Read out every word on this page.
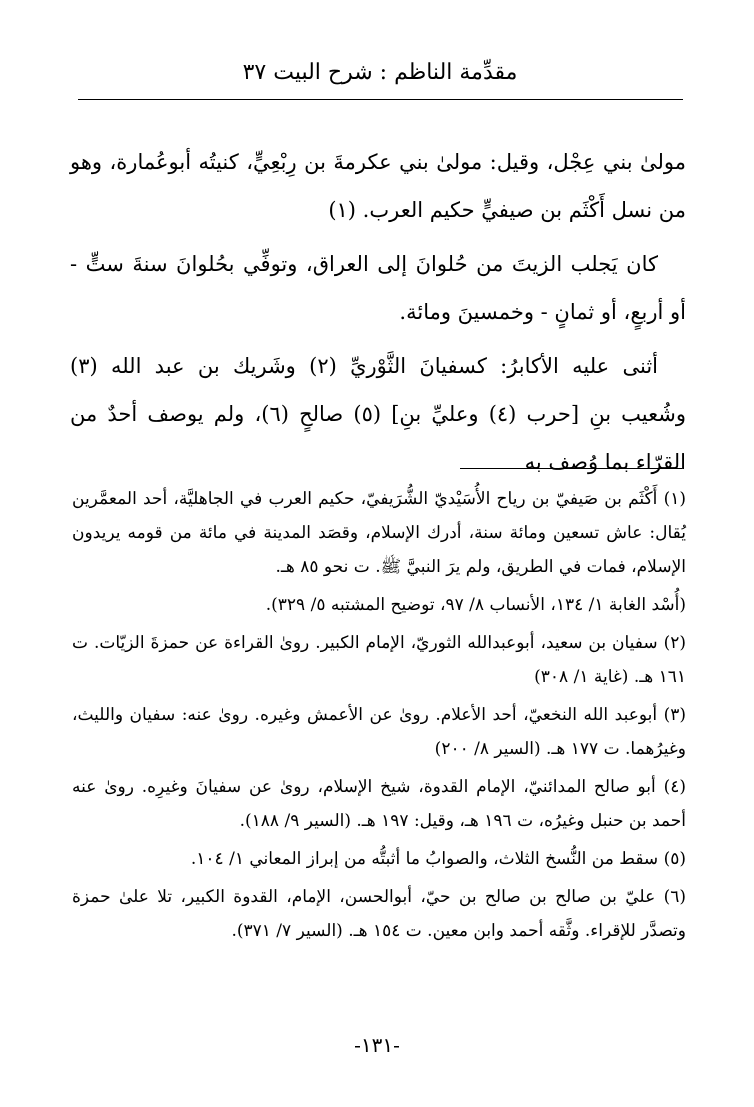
مقدِّمة الناظم : شرح البيت ٣٧

مولىٰ بني عِجْل، وقيل: مولىٰ بني عكرمةَ بن رِبْعِيٍّ، كنيتُه أبوعُمارة، وهو من نسل أَكْثَم بن صيفيٍّ حكيم العرب. (١)

كان يَجلب الزيتَ من حُلوانَ إلى العراق، وتوفِّي بحُلوانَ سنةَ ستٍّ - أو أربعٍ، أو ثمانٍ - وخمسينَ ومائة.

أثنى عليه الأكابرُ: كسفيانَ الثَّوْريِّ (٢) وشَريك بن عبد الله (٣) وشُعيب بنِ [حرب (٤) وعليِّ بنِ] (٥) صالحٍ (٦)، ولم يوصف أحدٌ من القرّاء بما وُصف به

(١) أَكْثَم بن صَيفيّ بن رياح الأُسَيْديّ الشُّرَيفيّ، حكيم العرب في الجاهليَّة، أحد المعمَّرين يُقال: عاش تسعين ومائة سنة، أدرك الإسلام، وقصَد المدينة في مائة من قومه يريدون الإسلام، فمات في الطريق، ولم يرَ النبيَّ ﷺ. ت نحو ٨٥ هـ.

(أُسْد الغابة ١/ ١٣٤، الأنساب ٨/ ٩٧، توضيح المشتبه ٥/ ٣٢٩).

(٢) سفيان بن سعيد، أبوعبدالله الثوريّ، الإمام الكبير. روىٰ القراءة عن حمزةَ الزيّات. ت ١٦١ هـ. (غاية ١/ ٣٠٨)

(٣) أبوعبد الله النخعيّ، أحد الأعلام. روىٰ عن الأعمش وغيره. روىٰ عنه: سفيان والليث، وغيرُهما. ت ١٧٧ هـ. (السير ٨/ ٢٠٠)

(٤) أبو صالح المدائنيّ، الإمام القدوة، شيخ الإسلام، روىٰ عن سفيانَ وغيرِه. روىٰ عنه أحمد بن حنبل وغيرُه، ت ١٩٦ هـ، وقيل: ١٩٧ هـ. (السير ٩/ ١٨٨).

(٥) سقط من النُّسخ الثلاث، والصوابُ ما أثبتُّه من إبراز المعاني ١/ ١٠٤.

(٦) عليّ بن صالح بن صالح بن حيّ، أبوالحسن، الإمام، القدوة الكبير، تلا علىٰ حمزة وتصدَّر للإقراء. وثَّقه أحمد وابن معين. ت ١٥٤ هـ. (السير ٧/ ٣٧١).

-١٣١-
